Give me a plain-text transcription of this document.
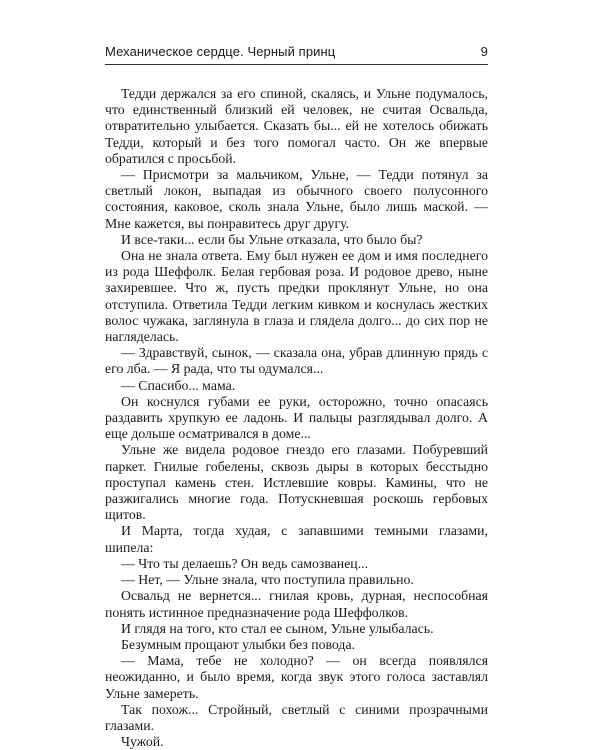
Механическое сердце. Черный принц	9

Тедди держался за его спиной, скалясь, и Ульне подумалось, что единственный близкий ей человек, не считая Освальда, отвратительно улыбается. Сказать бы... ей не хотелось обижать Тедди, который и без того помогал часто. Он же впервые обратился с просьбой.

— Присмотри за мальчиком, Ульне, — Тедди потянул за светлый локон, выпадая из обычного своего полусонного состояния, каковое, сколь знала Ульне, было лишь маской. — Мне кажется, вы понравитесь друг другу.

И все-таки... если бы Ульне отказала, что было бы?

Она не знала ответа. Ему был нужен ее дом и имя последнего из рода Шеффолк. Белая гербовая роза. И родовое древо, ныне захиревшее. Что ж, пусть предки проклянут Ульне, но она отступила. Ответила Тедди легким кивком и коснулась жестких волос чужака, заглянула в глаза и глядела долго... до сих пор не нагляделась.

— Здравствуй, сынок, — сказала она, убрав длинную прядь с его лба. — Я рада, что ты одумался...

— Спасибо... мама.

Он коснулся губами ее руки, осторожно, точно опасаясь раздавить хрупкую ее ладонь. И пальцы разглядывал долго. А еще дольше осматривался в доме...

Ульне же видела родовое гнездо его глазами. Побуревший паркет. Гнилые гобелены, сквозь дыры в которых бесстыдно проступал камень стен. Истлевшие ковры. Камины, что не разжигались многие года. Потускневшая роскошь гербовых щитов.

И Марта, тогда худая, с запавшими темными глазами, шипела:

— Что ты делаешь? Он ведь самозванец...

— Нет, — Ульне знала, что поступила правильно.

Освальд не вернется... гнилая кровь, дурная, неспособная понять истинное предназначение рода Шеффолков.

И глядя на того, кто стал ее сыном, Ульне улыбалась.

Безумным прощают улыбки без повода.

— Мама, тебе не холодно? — он всегда появлялся неожиданно, и было время, когда звук этого голоса заставлял Ульне замереть.

Так похож... Стройный, светлый с синими прозрачными глазами.

Чужой.
